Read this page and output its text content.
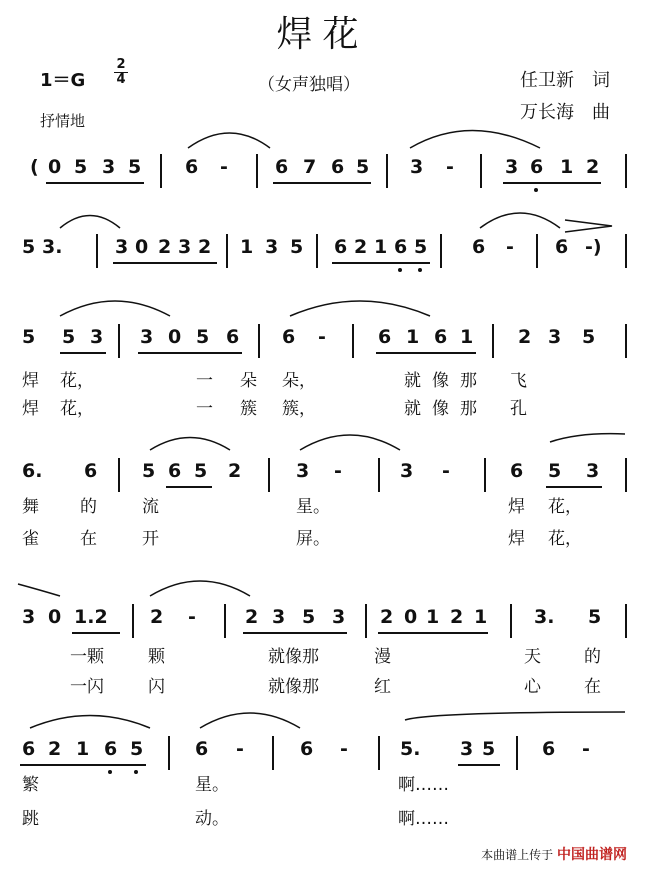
焊花
$1=G \frac{2}{4}$	（女声独唱）	任卫新　词
万长海　曲
抒情地
( 0 5 3 5 6 - 6 7 6 5 3 -	3 6 1 2
5 3.	3 0 2 3 2 1 3 5 6 2 1 6 5 6 - 6 -)
5 5 3 3 0 5 6 6 -	6 1 6 1 2 3 5
焊 花，	一 朵 朵，	就 像 那 飞
焊 花，	一 簇 簇，	就 像 那 孔
6. 6 5 6 5 2	3 -	3 -	6 5 3
舞 的	流	星。	焊 花，
雀 在	开	屏。	焊 花，
3 0 1.2 2 -	2 3 5 3 2 0 1 2 1 3. 5
一颗	颗	就像那	漫	天	的
一闪	闪	就像那	红	心	在
6 2 1 6 5	6 -	6 -	5. 3 5 6 -
繁	星。	啊……
跳	动。	啊……
本曲谱上传于 中国曲谱网
